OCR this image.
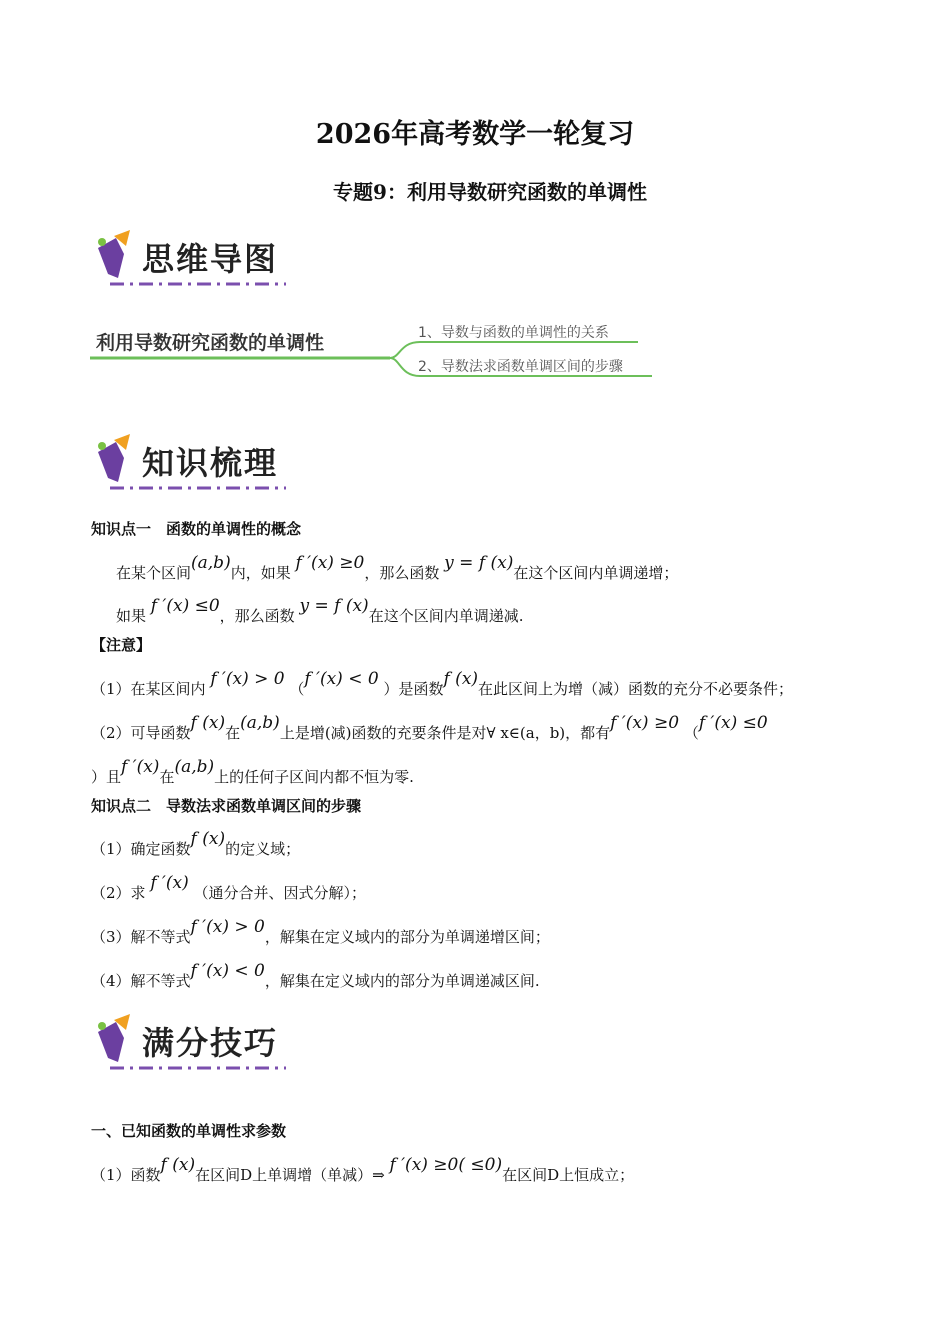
2026年高考数学一轮复习
专题9：利用导数研究函数的单调性
思维导图
利用导数研究函数的单调性	1、导数与函数的单调性的关系
2、导数法求函数单调区间的步骤
知识梳理
知识点一　函数的单调性的概念
在某个区间(a,b)内，如果 f ′(x) ≥0，那么函数 y = f (x)在这个区间内单调递增；
如果 f ′(x) ≤0，那么函数 y = f (x)在这个区间内单调递减.
【注意】
（1）在某区间内 f ′(x) > 0 （f ′(x) < 0 ）是函数f (x)在此区间上为增（减）函数的充分不必要条件；
（2）可导函数f (x)在(a,b)上是增(减)函数的充要条件是对∀ x∈(a，b)，都有f ′(x) ≥0 （f ′(x) ≤0
）且f ′(x)在(a,b)上的任何子区间内都不恒为零.
知识点二　导数法求函数单调区间的步骤
（1）确定函数f (x)的定义域；
（2）求 f ′(x) （通分合并、因式分解）；
（3）解不等式f ′(x) > 0，解集在定义域内的部分为单调递增区间；
（4）解不等式f ′(x) < 0，解集在定义域内的部分为单调递减区间.
满分技巧
一、已知函数的单调性求参数
（1）函数f (x)在区间D上单调增（单减）⇒ f ′(x) ≥0( ≤0)在区间D上恒成立；
